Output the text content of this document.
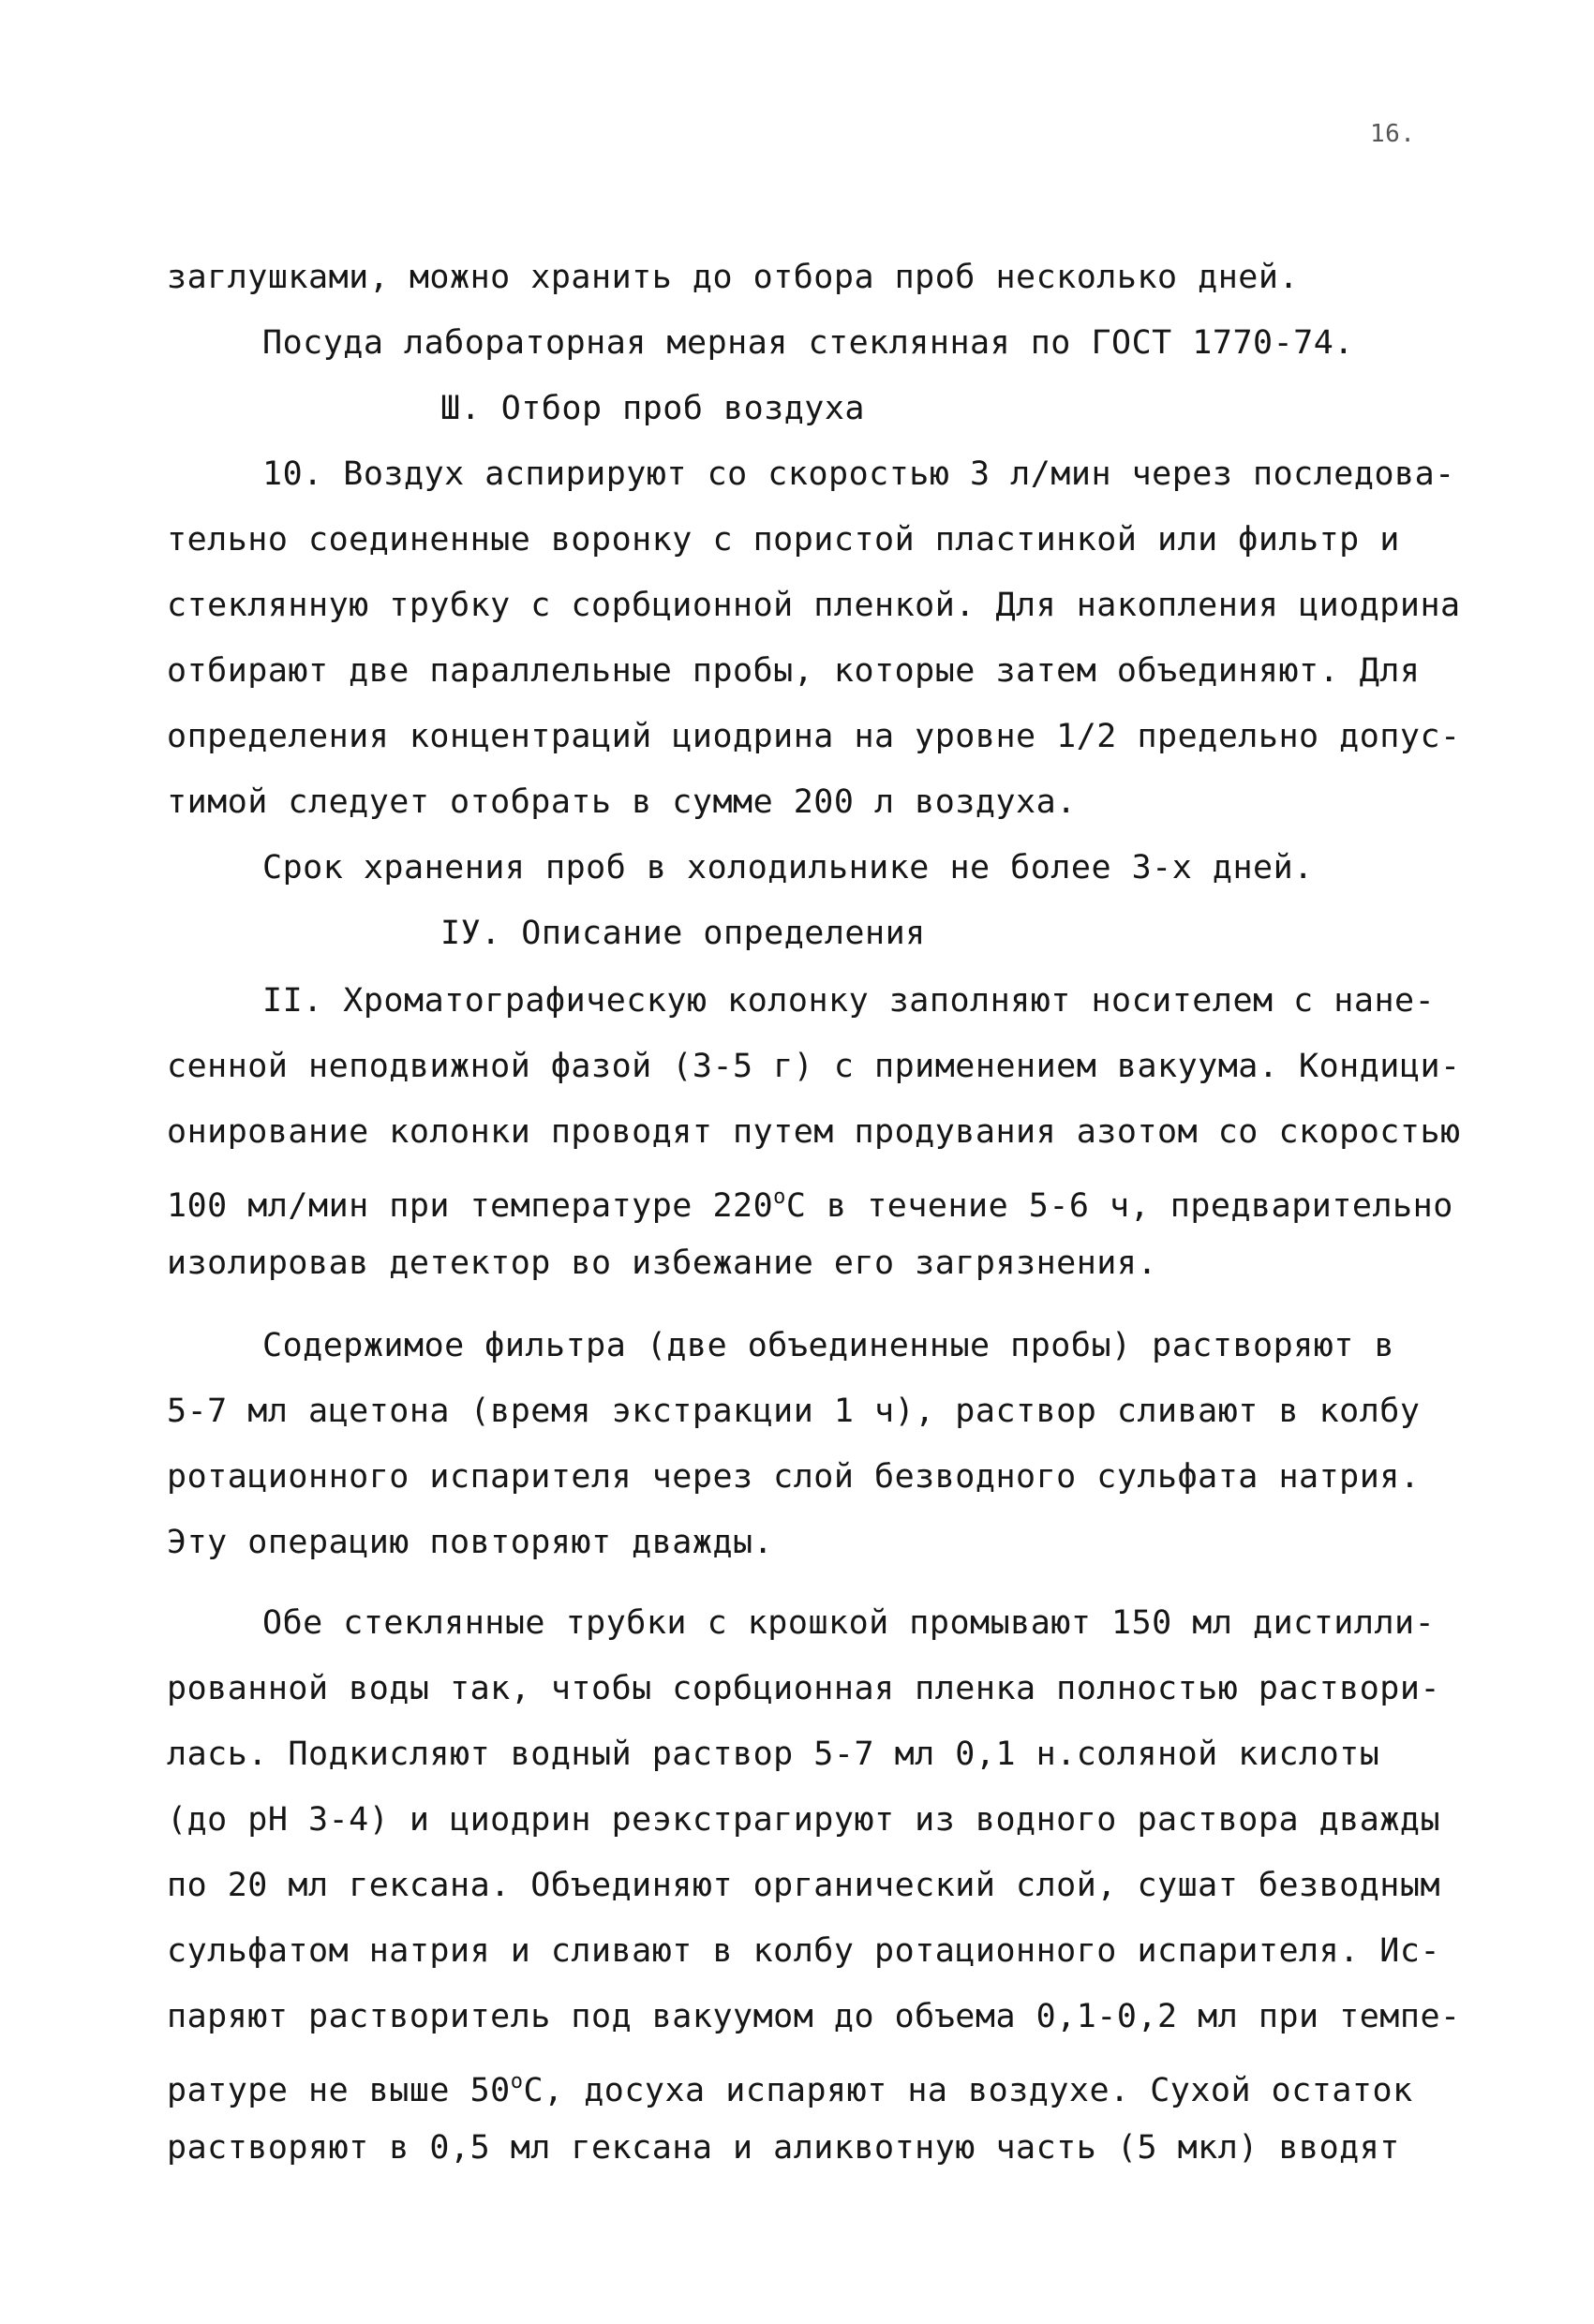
16.
заглушками, можно хранить до отбора проб несколько дней.
Посуда лабораторная мерная стеклянная по ГОСТ 1770-74.
Ш. Отбор проб воздуха
10. Воздух аспирируют со скоростью 3 л/мин через последова-
тельно соединенные воронку с пористой пластинкой или фильтр и
стеклянную трубку с сорбционной пленкой. Для накопления циодрина
отбирают две параллельные пробы, которые затем объединяют. Для
определения концентраций циодрина на уровне 1/2 предельно допус-
тимой следует отобрать в сумме 200 л воздуха.
Срок хранения проб в холодильнике не более 3-х дней.
IУ. Описание определения
II. Хроматографическую колонку заполняют носителем с нане-
сенной неподвижной фазой (3-5 г) с применением вакуума. Кондици-
онирование колонки проводят путем продувания азотом со скоростью
100 мл/мин при температуре $220^оС$ в течение 5-6 ч, предварительно
изолировав детектор во избежание его загрязнения.
Содержимое фильтра (две объединенные пробы) растворяют в
5-7 мл ацетона (время экстракции 1 ч), раствор сливают в колбу
ротационного испарителя через слой безводного сульфата натрия.
Эту операцию повторяют дважды.
Обе стеклянные трубки с крошкой промывают 150 мл дистилли-
рованной воды так, чтобы сорбционная пленка полностью раствори-
лась. Подкисляют водный раствор 5-7 мл 0,1 н.соляной кислоты
(до pH 3-4) и циодрин реэкстрагируют из водного раствора дважды
по 20 мл гексана. Объединяют органический слой, сушат безводным
сульфатом натрия и сливают в колбу ротационного испарителя. Ис-
паряют растворитель под вакуумом до объема 0,1-0,2 мл при темпе-
ратуре не выше $50^оС$, досуха испаряют на воздухе. Сухой остаток
растворяют в 0,5 мл гексана и аликвотную часть (5 мкл) вводят
